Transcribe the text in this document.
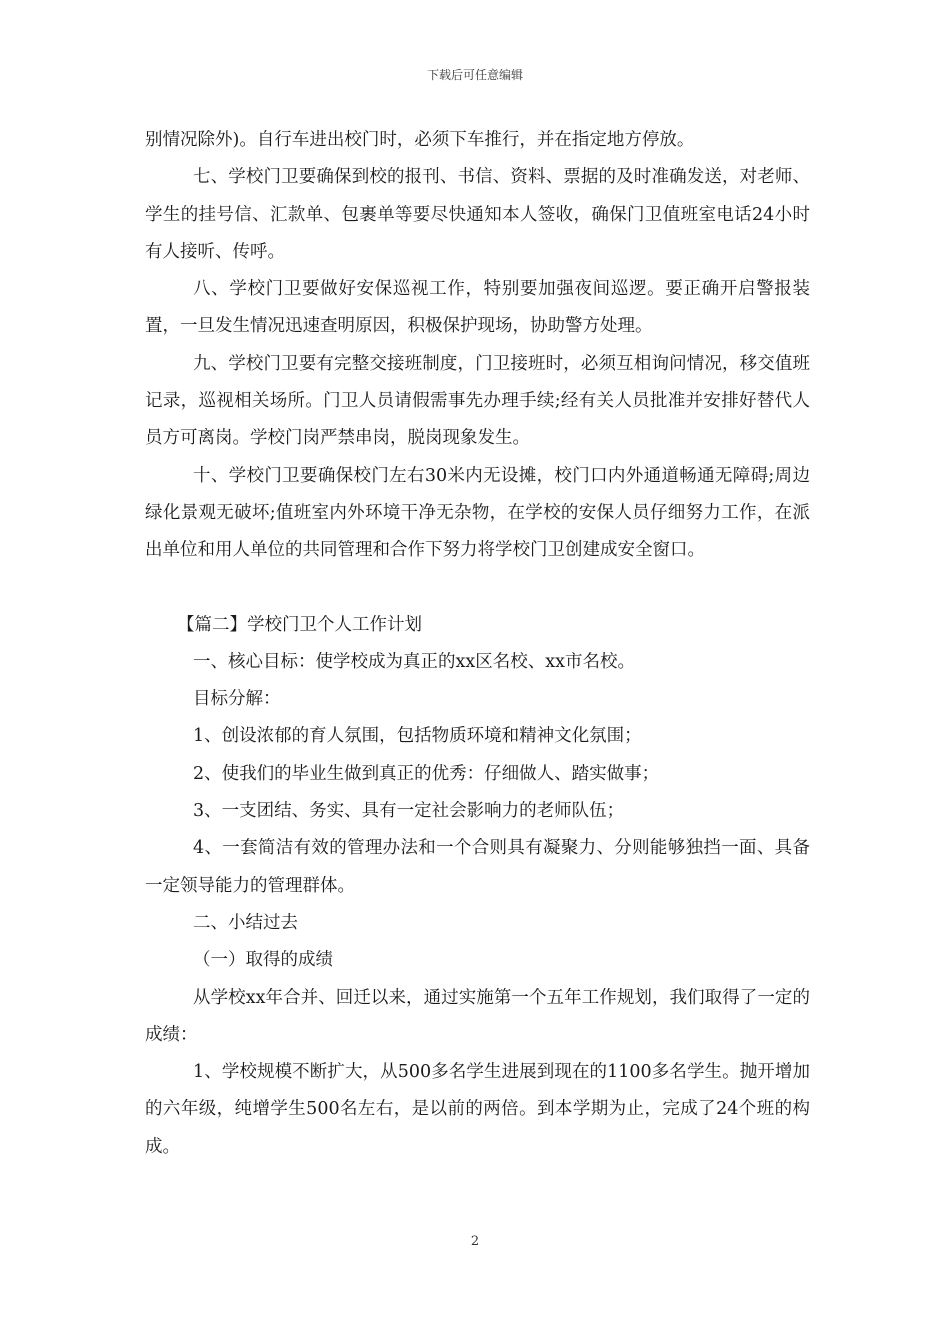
下载后可任意编辑

别情况除外)。自行车进出校门时，必须下车推行，并在指定地方停放。

七、学校门卫要确保到校的报刊、书信、资料、票据的及时准确发送，对老师、学生的挂号信、汇款单、包裹单等要尽快通知本人签收，确保门卫值班室电话24小时有人接听、传呼。

八、学校门卫要做好安保巡视工作，特别要加强夜间巡逻。要正确开启警报装置，一旦发生情况迅速查明原因，积极保护现场，协助警方处理。

九、学校门卫要有完整交接班制度，门卫接班时，必须互相询问情况，移交值班记录，巡视相关场所。门卫人员请假需事先办理手续;经有关人员批准并安排好替代人员方可离岗。学校门岗严禁串岗，脱岗现象发生。

十、学校门卫要确保校门左右30米内无设摊，校门口内外通道畅通无障碍;周边绿化景观无破坏;值班室内外环境干净无杂物，在学校的安保人员仔细努力工作，在派出单位和用人单位的共同管理和合作下努力将学校门卫创建成安全窗口。

【篇二】学校门卫个人工作计划

一、核心目标：使学校成为真正的xx区名校、xx市名校。

目标分解：

1、创设浓郁的育人氛围，包括物质环境和精神文化氛围；

2、使我们的毕业生做到真正的优秀：仔细做人、踏实做事；

3、一支团结、务实、具有一定社会影响力的老师队伍；

4、一套简洁有效的管理办法和一个合则具有凝聚力、分则能够独挡一面、具备一定领导能力的管理群体。

二、小结过去

（一）取得的成绩

从学校xx年合并、回迁以来，通过实施第一个五年工作规划，我们取得了一定的成绩：

1、学校规模不断扩大，从500多名学生进展到现在的1100多名学生。抛开增加的六年级，纯增学生500名左右，是以前的两倍。到本学期为止，完成了24个班的构成。

2
